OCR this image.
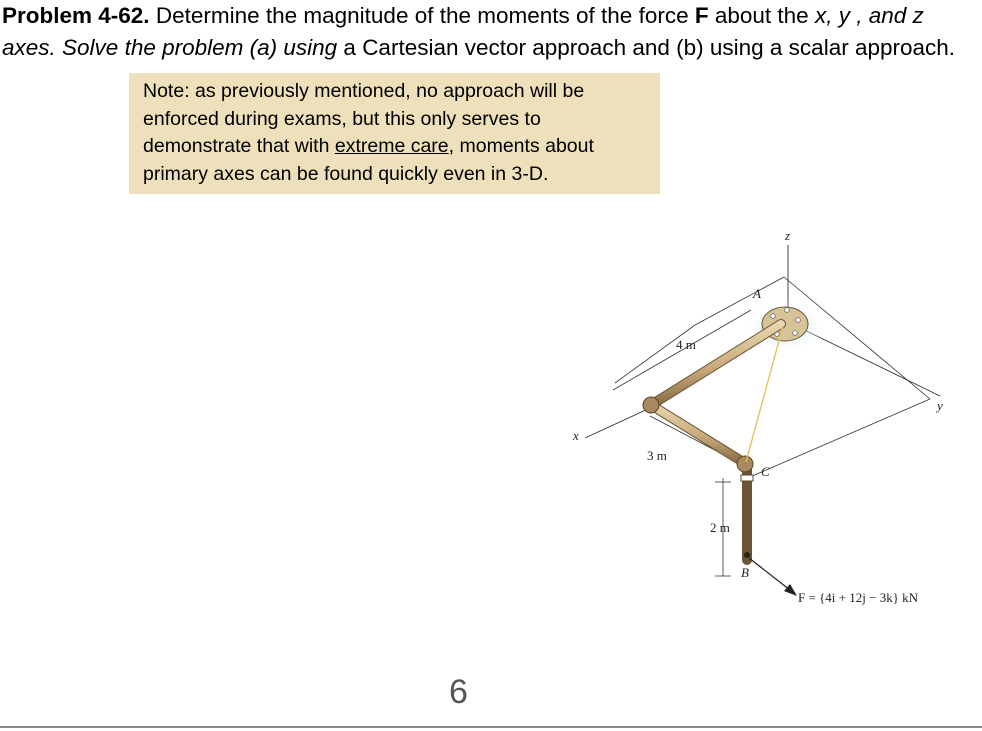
Problem 4-62. Determine the magnitude of the moments of the force F about the x, y , and z axes. Solve the problem (a) using a Cartesian vector approach and (b) using a scalar approach.

Note: as previously mentioned, no approach will be enforced during exams, but this only serves to demonstrate that with extreme care, moments about primary axes can be found quickly even in 3-D.
z
x
y
A
C
B
4 m
3 m
2 m
F = {4i + 12j − 3k} kN
6
